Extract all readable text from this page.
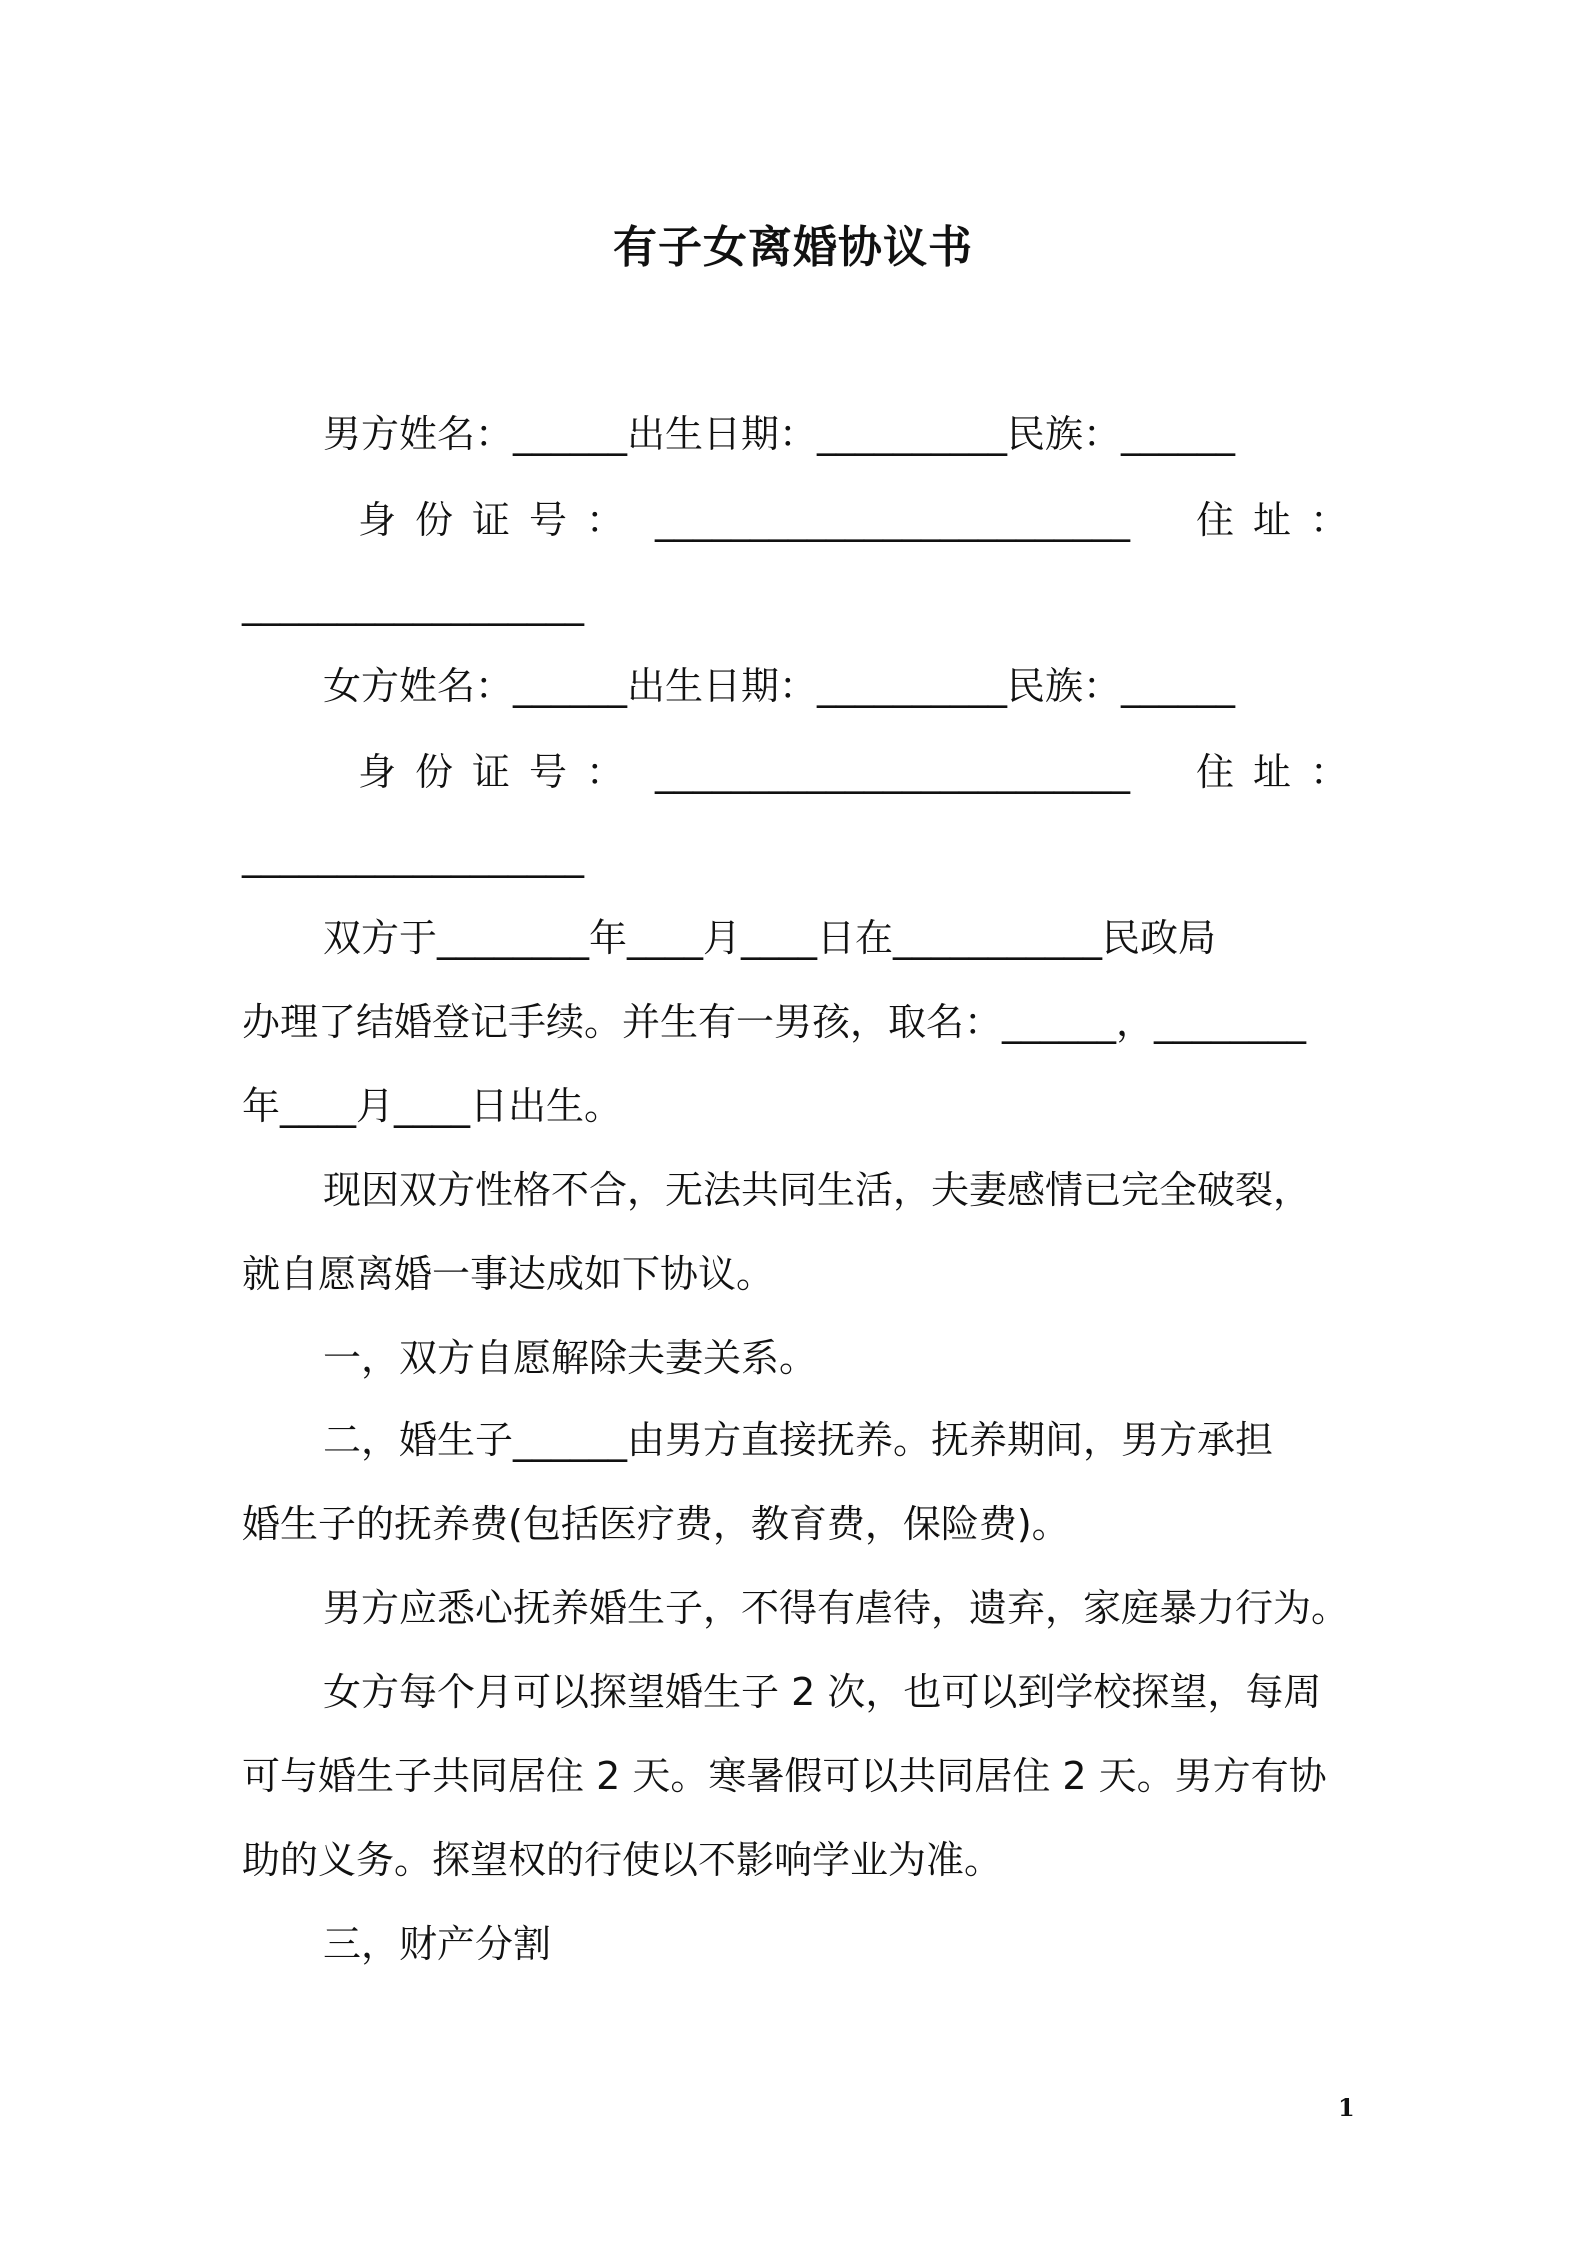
有子女离婚协议书
男方姓名：______出生日期：__________民族：______
身份证号： _________________________ 住址：
__________________
女方姓名：______出生日期：__________民族：______
身份证号： _________________________ 住址：
__________________
双方于________年____月____日在___________民政局
办理了结婚登记手续。并生有一男孩，取名：______，________
年____月____日出生。
现因双方性格不合，无法共同生活，夫妻感情已完全破裂，
就自愿离婚一事达成如下协议。
一，双方自愿解除夫妻关系。
二，婚生子______由男方直接抚养。抚养期间，男方承担
婚生子的抚养费(包括医疗费，教育费，保险费)。
男方应悉心抚养婚生子，不得有虐待，遗弃，家庭暴力行为。
女方每个月可以探望婚生子 2 次，也可以到学校探望，每周
可与婚生子共同居住 2 天。寒暑假可以共同居住 2 天。男方有协
助的义务。探望权的行使以不影响学业为准。
三，财产分割
1
